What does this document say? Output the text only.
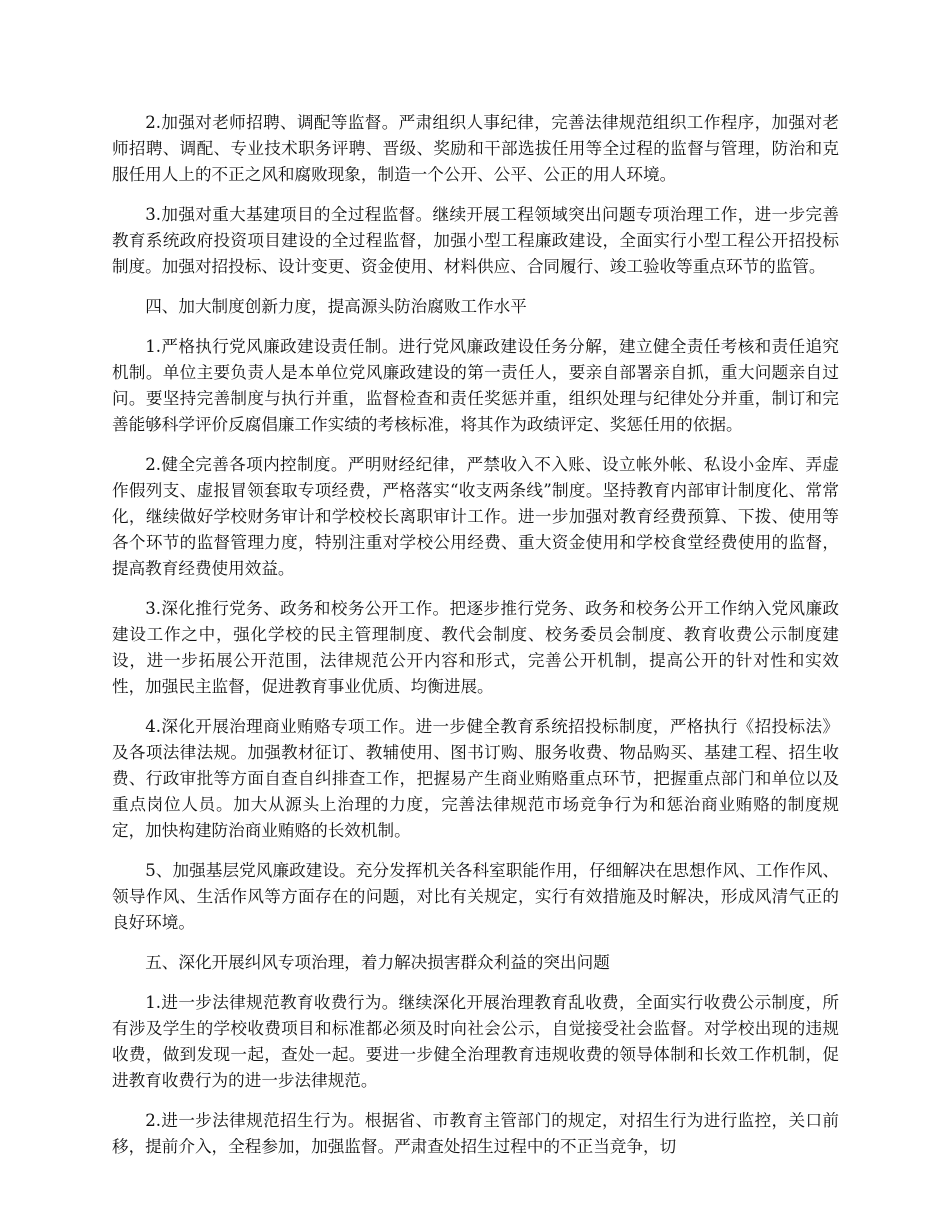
2.加强对老师招聘、调配等监督。严肃组织人事纪律，完善法律规范组织工作程序，加强对老师招聘、调配、专业技术职务评聘、晋级、奖励和干部选拔任用等全过程的监督与管理，防治和克服任用人上的不正之风和腐败现象，制造一个公开、公平、公正的用人环境。

3.加强对重大基建项目的全过程监督。继续开展工程领域突出问题专项治理工作，进一步完善教育系统政府投资项目建设的全过程监督，加强小型工程廉政建设，全面实行小型工程公开招投标制度。加强对招投标、设计变更、资金使用、材料供应、合同履行、竣工验收等重点环节的监管。

四、加大制度创新力度，提高源头防治腐败工作水平

1.严格执行党风廉政建设责任制。进行党风廉政建设任务分解，建立健全责任考核和责任追究机制。单位主要负责人是本单位党风廉政建设的第一责任人，要亲自部署亲自抓，重大问题亲自过问。要坚持完善制度与执行并重，监督检查和责任奖惩并重，组织处理与纪律处分并重，制订和完善能够科学评价反腐倡廉工作实绩的考核标准，将其作为政绩评定、奖惩任用的依据。

2.健全完善各项内控制度。严明财经纪律，严禁收入不入账、设立帐外帐、私设小金库、弄虚作假列支、虚报冒领套取专项经费，严格落实“收支两条线”制度。坚持教育内部审计制度化、常常化，继续做好学校财务审计和学校校长离职审计工作。进一步加强对教育经费预算、下拨、使用等各个环节的监督管理力度，特别注重对学校公用经费、重大资金使用和学校食堂经费使用的监督，提高教育经费使用效益。

3.深化推行党务、政务和校务公开工作。把逐步推行党务、政务和校务公开工作纳入党风廉政建设工作之中，强化学校的民主管理制度、教代会制度、校务委员会制度、教育收费公示制度建设，进一步拓展公开范围，法律规范公开内容和形式，完善公开机制，提高公开的针对性和实效性，加强民主监督，促进教育事业优质、均衡进展。

4.深化开展治理商业贿赂专项工作。进一步健全教育系统招投标制度，严格执行《招投标法》及各项法律法规。加强教材征订、教辅使用、图书订购、服务收费、物品购买、基建工程、招生收费、行政审批等方面自查自纠排查工作，把握易产生商业贿赂重点环节，把握重点部门和单位以及重点岗位人员。加大从源头上治理的力度，完善法律规范市场竞争行为和惩治商业贿赂的制度规定，加快构建防治商业贿赂的长效机制。

5、加强基层党风廉政建设。充分发挥机关各科室职能作用，仔细解决在思想作风、工作作风、领导作风、生活作风等方面存在的问题，对比有关规定，实行有效措施及时解决，形成风清气正的良好环境。

五、深化开展纠风专项治理，着力解决损害群众利益的突出问题

1.进一步法律规范教育收费行为。继续深化开展治理教育乱收费，全面实行收费公示制度，所有涉及学生的学校收费项目和标准都必须及时向社会公示，自觉接受社会监督。对学校出现的违规收费，做到发现一起，查处一起。要进一步健全治理教育违规收费的领导体制和长效工作机制，促进教育收费行为的进一步法律规范。

2.进一步法律规范招生行为。根据省、市教育主管部门的规定，对招生行为进行监控，关口前移，提前介入，全程参加，加强监督。严肃查处招生过程中的不正当竞争，切
